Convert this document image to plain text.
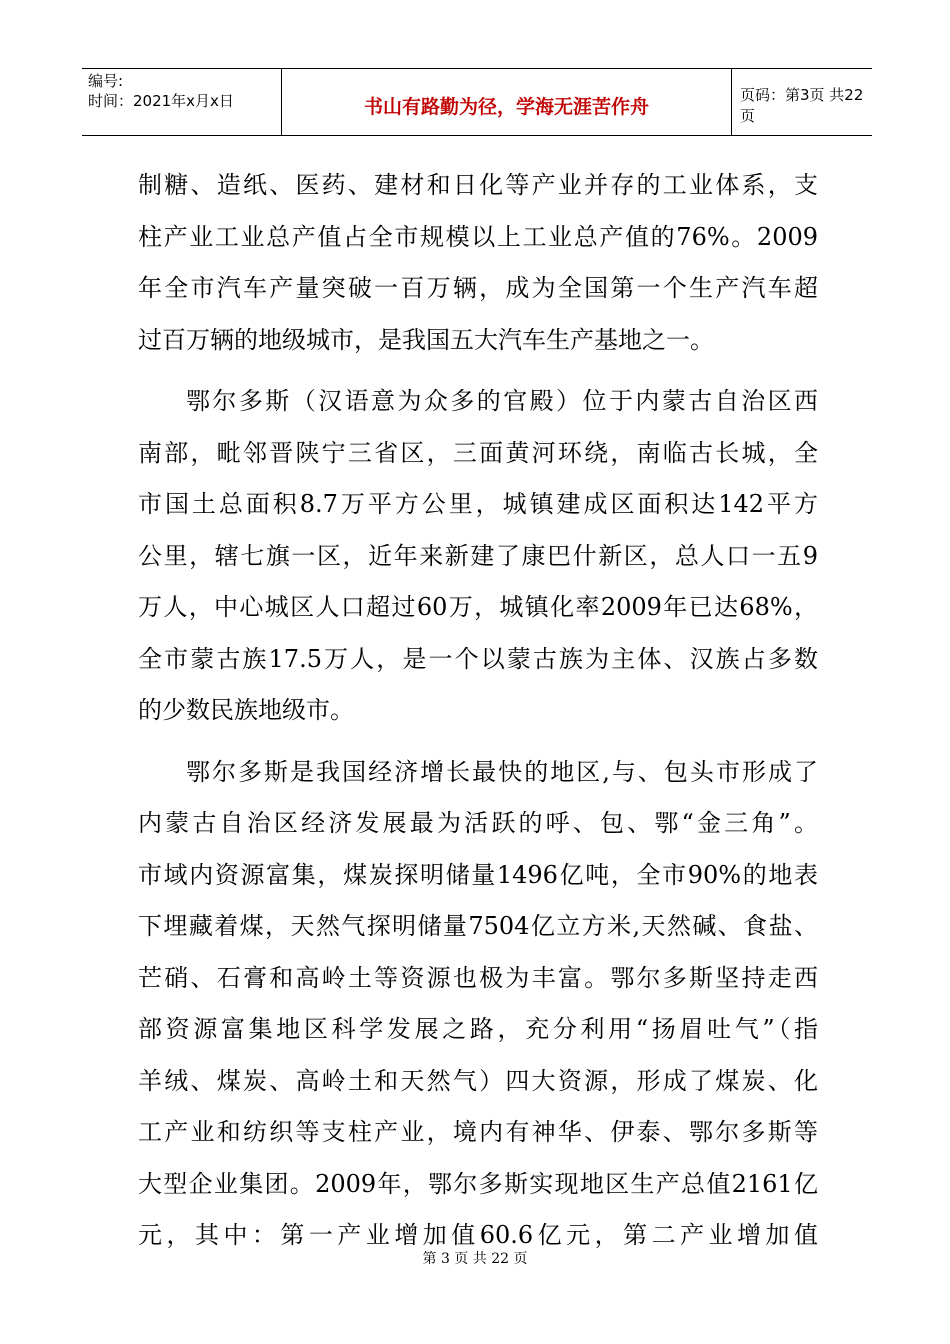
编号:
时间：2021年x月x日	书山有路勤为径，学海无涯苦作舟
页码：第3页 共22页
制糖、造纸、医药、建材和日化等产业并存的工业体系，支
柱产业工业总产值占全市规模以上工业总产值的76%。2009
年全市汽车产量突破一百万辆，成为全国第一个生产汽车超
过百万辆的地级城市，是我国五大汽车生产基地之一。
鄂尔多斯（汉语意为众多的官殿）位于内蒙古自治区西
南部，毗邻晋陕宁三省区，三面黄河环绕，南临古长城，全
市国土总面积8.7万平方公里，城镇建成区面积达142平方
公里，辖七旗一区，近年来新建了康巴什新区，总人口一五9
万人，中心城区人口超过60万，城镇化率2009年已达68%，
全市蒙古族17.5万人，是一个以蒙古族为主体、汉族占多数
的少数民族地级市。
鄂尔多斯是我国经济增长最快的地区,与、包头市形成了
内蒙古自治区经济发展最为活跃的呼、包、鄂“金三角”。
市域内资源富集，煤炭探明储量1496亿吨，全市90%的地表
下埋藏着煤，天然气探明储量7504亿立方米,天然碱、食盐、
芒硝、石膏和高岭土等资源也极为丰富。鄂尔多斯坚持走西
部资源富集地区科学发展之路，充分利用“扬眉吐气”（指
羊绒、煤炭、高岭土和天然气）四大资源，形成了煤炭、化
工产业和纺织等支柱产业，境内有神华、伊泰、鄂尔多斯等
大型企业集团。2009年，鄂尔多斯实现地区生产总值2161亿
元，其中：第一产业增加值60.6亿元，第二产业增加值
第 3 页 共 22 页
